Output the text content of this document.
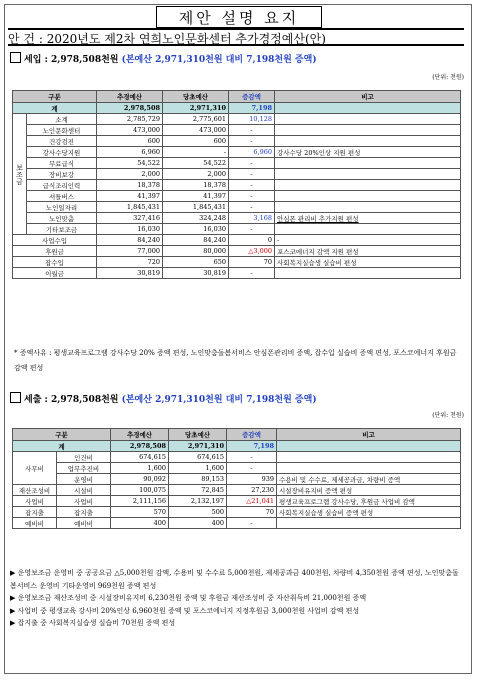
제안 설명 요지
안 건 : 2020년도 제2차 연희노인문화센터 추가경정예산(안)
세입 : 2,978,508천원 (본예산 2,971,310천원 대비 7,198천원 증액)
(단위: 천원)
구분		추경예산	당초예산	증감액	비고
계		2,978,508	2,971,310	7,198	
보조금	소계	2,785,729	2,775,601	10,128	
	노인문화센터	473,000	473,000	-	
	건강검진	600	600	-	
	강사수당지원	6,960	-	6,960	강사수당 20%인상 지원 편성
	무료급식	54,522	54,522	-	
	장비보강	2,000	2,000	-	
	급식조리인력	18,378	18,378	-	
	셔틀버스	41,397	41,397	-	
	노인일자리	1,845,431	1,845,431	-	
	노인맞춤	327,416	324,248	3,168	안심폰 관리비 추가지원 편성
	기타보조금	16,030	16,030	-	
사업수입		84,240	84,240	0	-
후원금		77,000	80,000	△3,000	포스코에너지 감액 지원 편성
잡수입		720	650	70	사회복지실습생 실습비 편성
이월금		30,819	30,819	-	
* 증액사유 : 평생교육프로그램 강사수당 20% 증액 편성, 노인맞춤돌봄서비스 안심폰관리비 증액, 잡수입 실습비 증액 편성, 포스코에너지 후원금 감액 편성
세출 : 2,978,508천원 (본예산 2,971,310천원 대비 7,198천원 증액)
(단위: 천원)
구분		추경예산	당초예산	증감액	비고
계		2,978,508	2,971,310	7,198	
사무비	인건비	674,615	674,615	-	
	업무추진비	1,600	1,600	-	
	운영비	90,092	89,153	939	수용비 및 수수료, 제세공과금, 차량비 증액
재산조성비	시설비	100,075	72,845	27,230	시설장비유지비 증액 편성
사업비	사업비	2,111,156	2,132,197	△21,041	평생교육프로그램 강사수당, 후원금 사업비 감액
잡지출	잡지출	570	500	70	사회복지실습생 실습비 증액 편성
예비비	예비비	400	400	-	
▶ 운영보조금 운영비 중 공공요금 △5,000천원 감액, 수용비 및 수수료 5,000천원, 제세공과금 400천원, 차량비 4,350천원 증액 편성, 노인맞춤돌봄서비스 운영비 기타운영비 969천원 증액 편성
▶ 운영보조금 재산조성비 중 시설장비유지비 6,230천원 증액 및 후원금 재산조성비 중 자산취득비 21,000천원 증액
▶ 사업비 중 평생교육 강사비 20%인상 6,960천원 증액 및 포스코에너지 지정후원금 3,000천원 사업비 감액 편성
▶ 잡지출 중 사회복지실습생 실습비 70천원 증액 편성
